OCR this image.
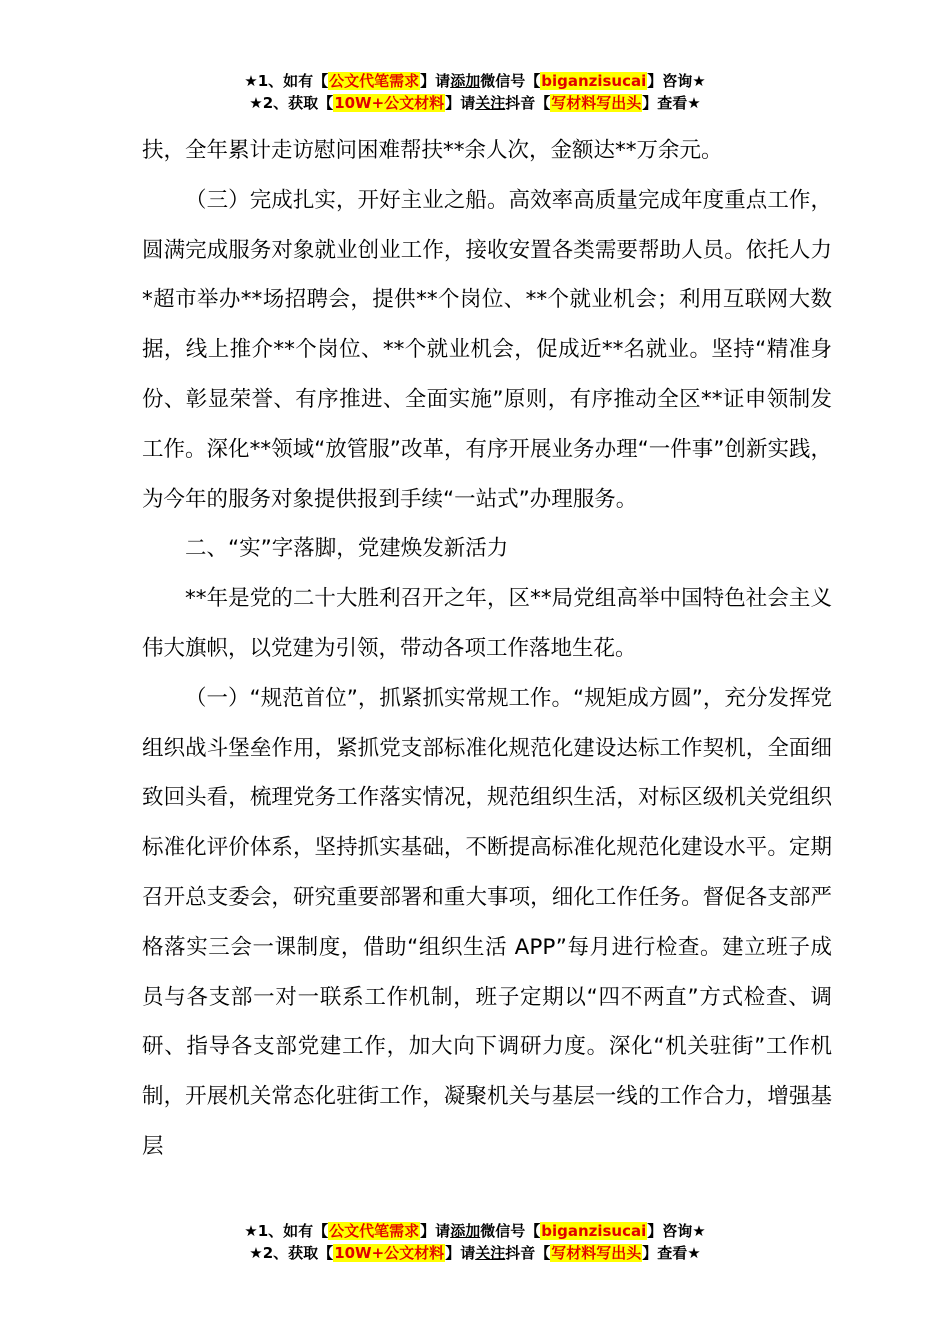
★1、如有【公文代笔需求】请添加微信号【biganzisucai】咨询★
★2、获取【10W+公文材料】请关注抖音【写材料写出头】查看★

扶，全年累计走访慰问困难帮扶**余人次，金额达**万余元。

（三）完成扎实，开好主业之船。高效率高质量完成年度重点工作，圆满完成服务对象就业创业工作，接收安置各类需要帮助人员。依托人力*超市举办**场招聘会，提供**个岗位、**个就业机会；利用互联网大数据，线上推介**个岗位、**个就业机会，促成近**名就业。坚持“精准身份、彰显荣誉、有序推进、全面实施”原则，有序推动全区**证申领制发工作。深化**领域“放管服”改革，有序开展业务办理“一件事”创新实践，为今年的服务对象提供报到手续“一站式”办理服务。

二、“实”字落脚，党建焕发新活力

**年是党的二十大胜利召开之年，区**局党组高举中国特色社会主义伟大旗帜，以党建为引领，带动各项工作落地生花。

（一）“规范首位”，抓紧抓实常规工作。“规矩成方圆”，充分发挥党组织战斗堡垒作用，紧抓党支部标准化规范化建设达标工作契机，全面细致回头看，梳理党务工作落实情况，规范组织生活，对标区级机关党组织标准化评价体系，坚持抓实基础，不断提高标准化规范化建设水平。定期召开总支委会，研究重要部署和重大事项，细化工作任务。督促各支部严格落实三会一课制度，借助“组织生活 APP”每月进行检查。建立班子成员与各支部一对一联系工作机制，班子定期以“四不两直”方式检查、调研、指导各支部党建工作，加大向下调研力度。深化“机关驻街”工作机制，开展机关常态化驻街工作，凝聚机关与基层一线的工作合力，增强基层

★1、如有【公文代笔需求】请添加微信号【biganzisucai】咨询★
★2、获取【10W+公文材料】请关注抖音【写材料写出头】查看★
